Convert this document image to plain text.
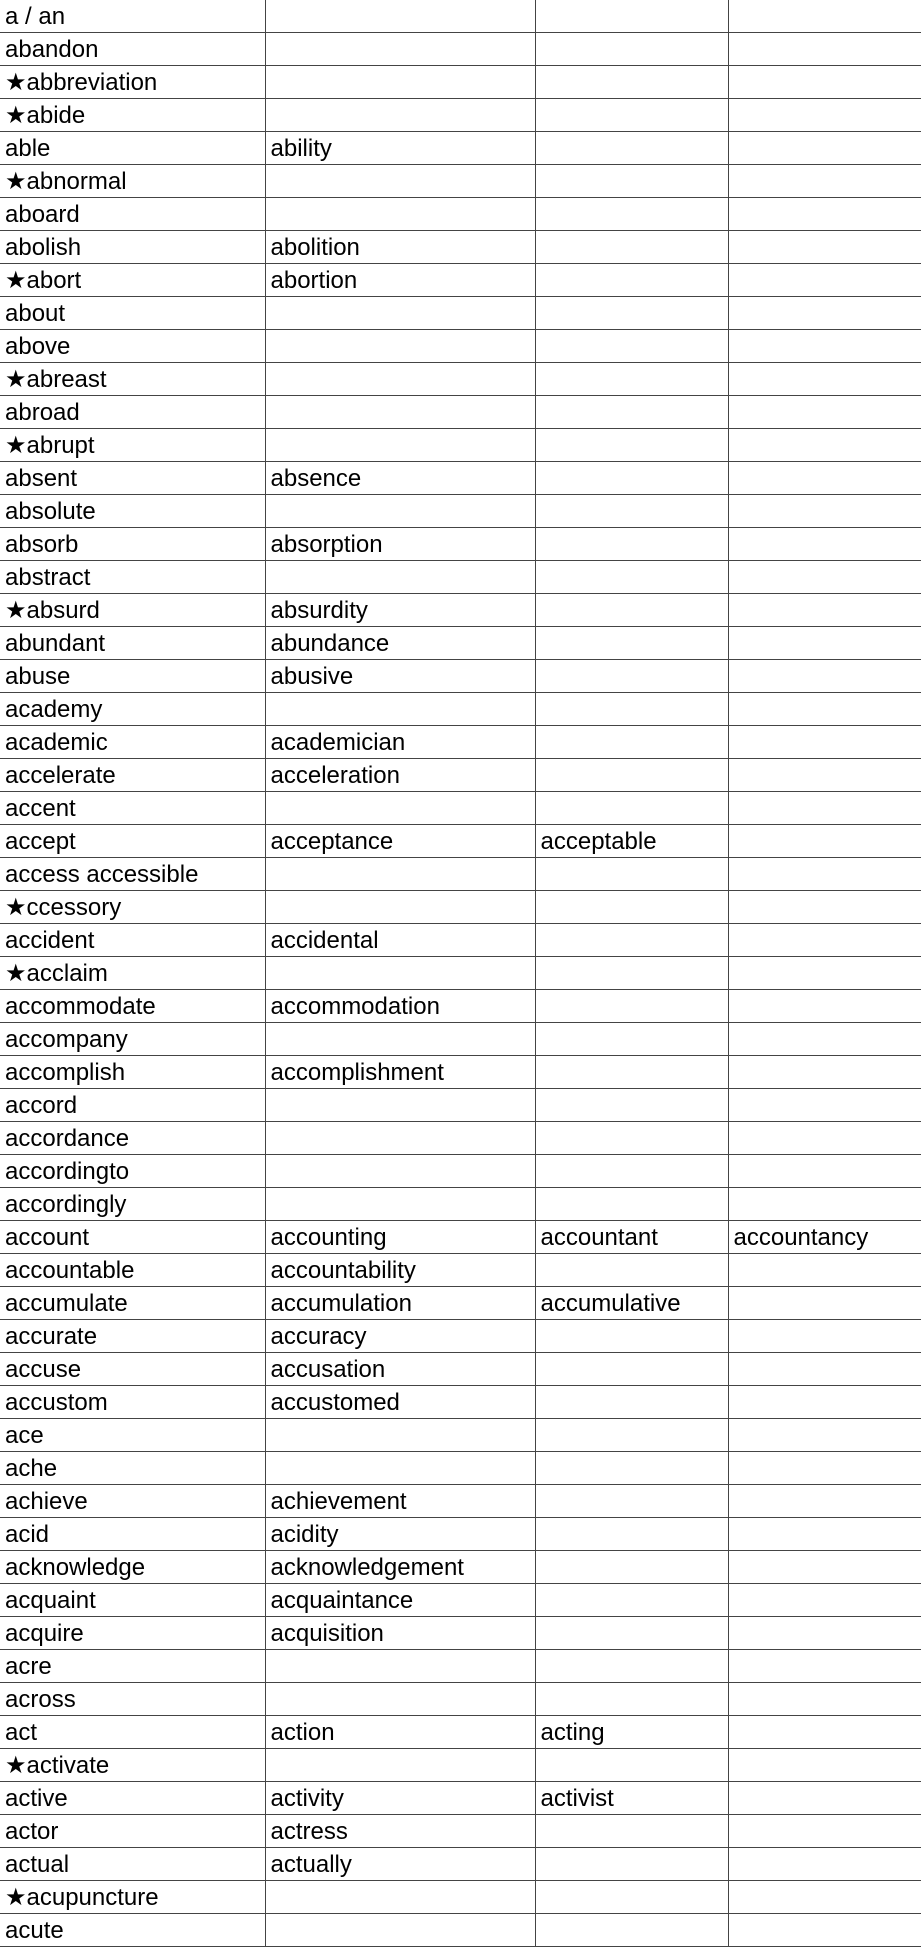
a / an			
abandon			
★abbreviation			
★abide			
able	ability		
★abnormal			
aboard			
abolish	abolition		
★abort	abortion		
about			
above			
★abreast			
abroad			
★abrupt			
absent	absence		
absolute			
absorb	absorption		
abstract			
★absurd	absurdity		
abundant	abundance		
abuse	abusive		
academy			
academic	academician		
accelerate	acceleration		
accent			
accept	acceptance	acceptable	
access accessible			
★ccessory			
accident	accidental		
★acclaim			
accommodate	accommodation		
accompany			
accomplish	accomplishment		
accord			
accordance			
accordingto			
accordingly			
account	accounting	accountant	accountancy
accountable	accountability		
accumulate	accumulation	accumulative	
accurate	accuracy		
accuse	accusation		
accustom	accustomed		
ace			
ache			
achieve	achievement		
acid	acidity		
acknowledge	acknowledgement		
acquaint	acquaintance		
acquire	acquisition		
acre			
across			
act	action	acting	
★activate			
active	activity	activist	
actor	actress		
actual	actually		
★acupuncture			
acute			
